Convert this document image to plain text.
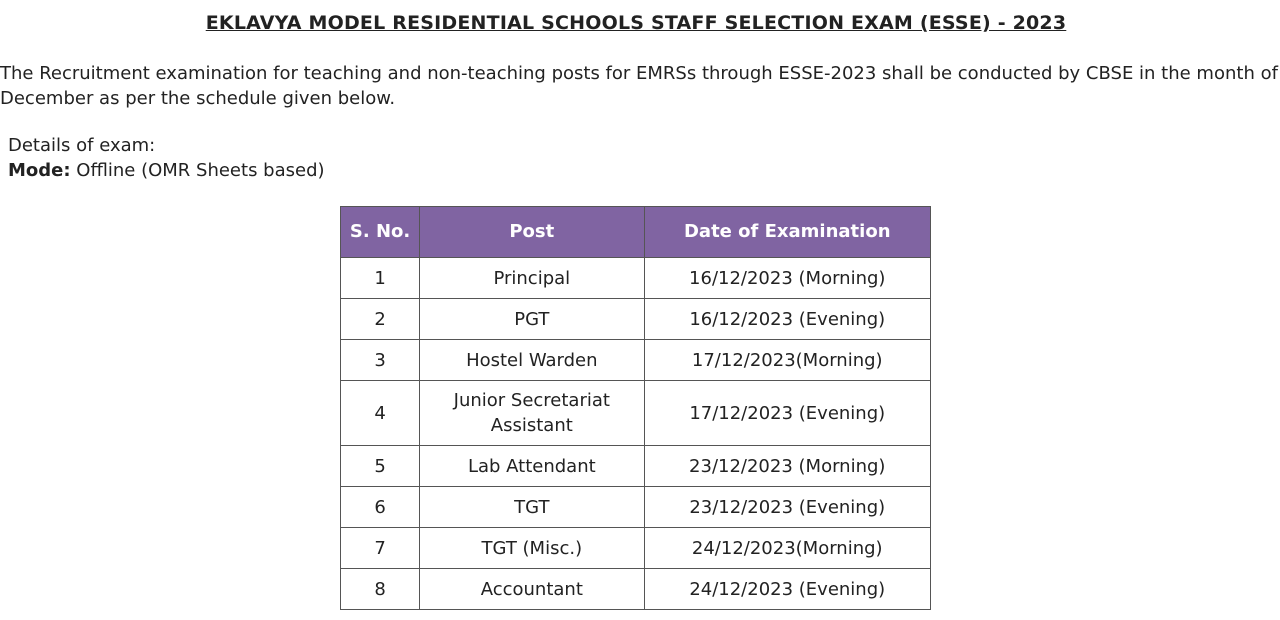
EKLAVYA MODEL RESIDENTIAL SCHOOLS STAFF SELECTION EXAM (ESSE) - 2023

The Recruitment examination for teaching and non-teaching posts for EMRSs through ESSE-2023 shall be conducted by CBSE in the month of December as per the schedule given below.

Details of exam:
Mode: Offline (OMR Sheets based)
S. No.	Post	Date of Examination
1	Principal	16/12/2023 (Morning)
2	PGT	16/12/2023 (Evening)
3	Hostel Warden	17/12/2023(Morning)
4	Junior Secretariat Assistant	17/12/2023 (Evening)
5	Lab Attendant	23/12/2023 (Morning)
6	TGT	23/12/2023 (Evening)
7	TGT (Misc.)	24/12/2023(Morning)
8	Accountant	24/12/2023 (Evening)
